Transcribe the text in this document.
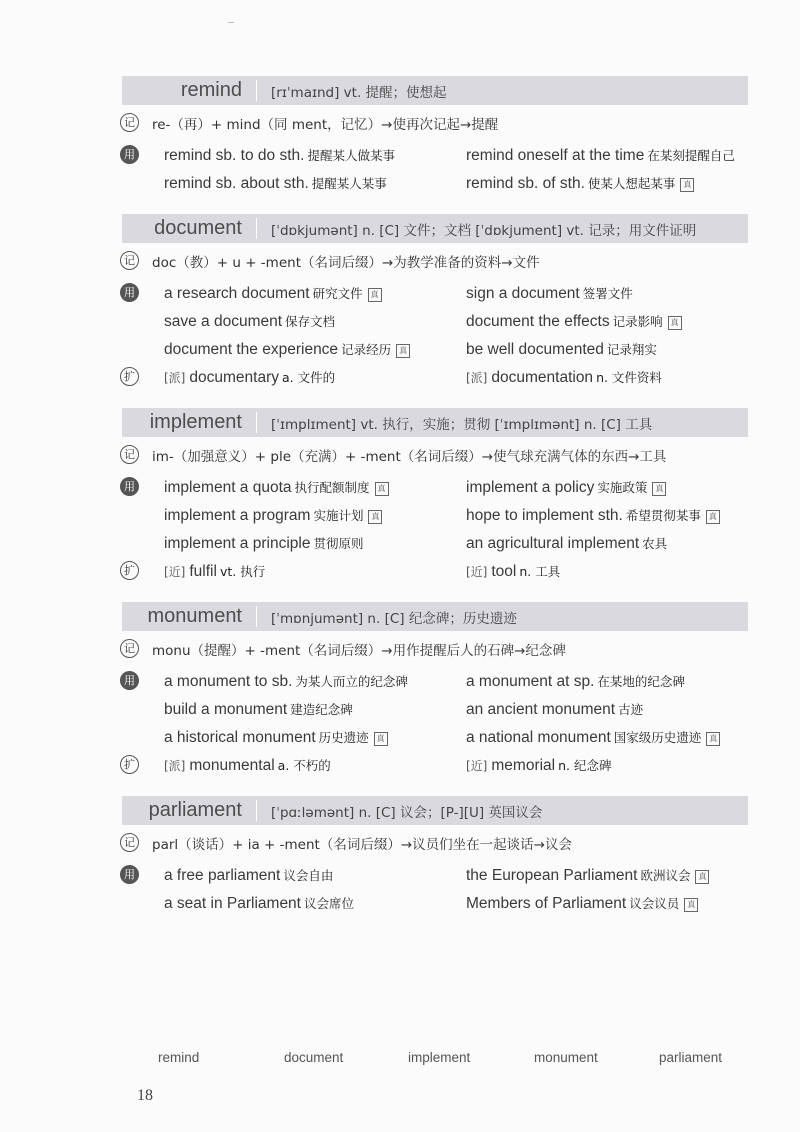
remind	[rɪˈmaɪnd] vt. 提醒；使想起
记 re-（再）+ mind（同 ment，记忆）→使再次记起→提醒
用 remind sb. to do sth. 提醒某人做某事	remind oneself at the time 在某刻提醒自己
remind sb. about sth. 提醒某人某事	remind sb. of sth. 使某人想起某事 真
document	[ˈdɒkjumənt] n. [C] 文件；文档 [ˈdɒkjument] vt. 记录；用文件证明
记 doc（教）+ u + -ment（名词后缀）→为教学准备的资料→文件
用 a research document 研究文件 真	sign a document 签署文件
save a document 保存文档	document the effects 记录影响 真
document the experience 记录经历 真	be well documented 记录翔实
扩	[派] documentary a. 文件的	[派] documentation n. 文件资料
implement	[ˈɪmplɪment] vt. 执行，实施；贯彻 [ˈɪmplɪmənt] n. [C] 工具
记 im-（加强意义）+ ple（充满）+ -ment（名词后缀）→使气球充满气体的东西→工具
用 implement a quota 执行配额制度 真	implement a policy 实施政策 真
implement a program 实施计划 真	hope to implement sth. 希望贯彻某事 真
implement a principle 贯彻原则	an agricultural implement 农具
扩	[近] fulfil vt. 执行	[近] tool n. 工具
monument	[ˈmɒnjumənt] n. [C] 纪念碑；历史遗迹
记 monu（提醒）+ -ment（名词后缀）→用作提醒后人的石碑→纪念碑
用 a monument to sb. 为某人而立的纪念碑	a monument at sp. 在某地的纪念碑
build a monument 建造纪念碑	an ancient monument 古迹
a historical monument 历史遗迹 真	a national monument 国家级历史遗迹 真
扩	[派] monumental a. 不朽的	[近] memorial n. 纪念碑
parliament	[ˈpɑːləmənt] n. [C] 议会；[P-][U] 英国议会
记 parl（谈话）+ ia + -ment（名词后缀）→议员们坐在一起谈话→议会
用 a free parliament 议会自由	the European Parliament 欧洲议会 真
a seat in Parliament 议会席位	Members of Parliament 议会议员 真
remind	document	implement	monument	parliament
18
